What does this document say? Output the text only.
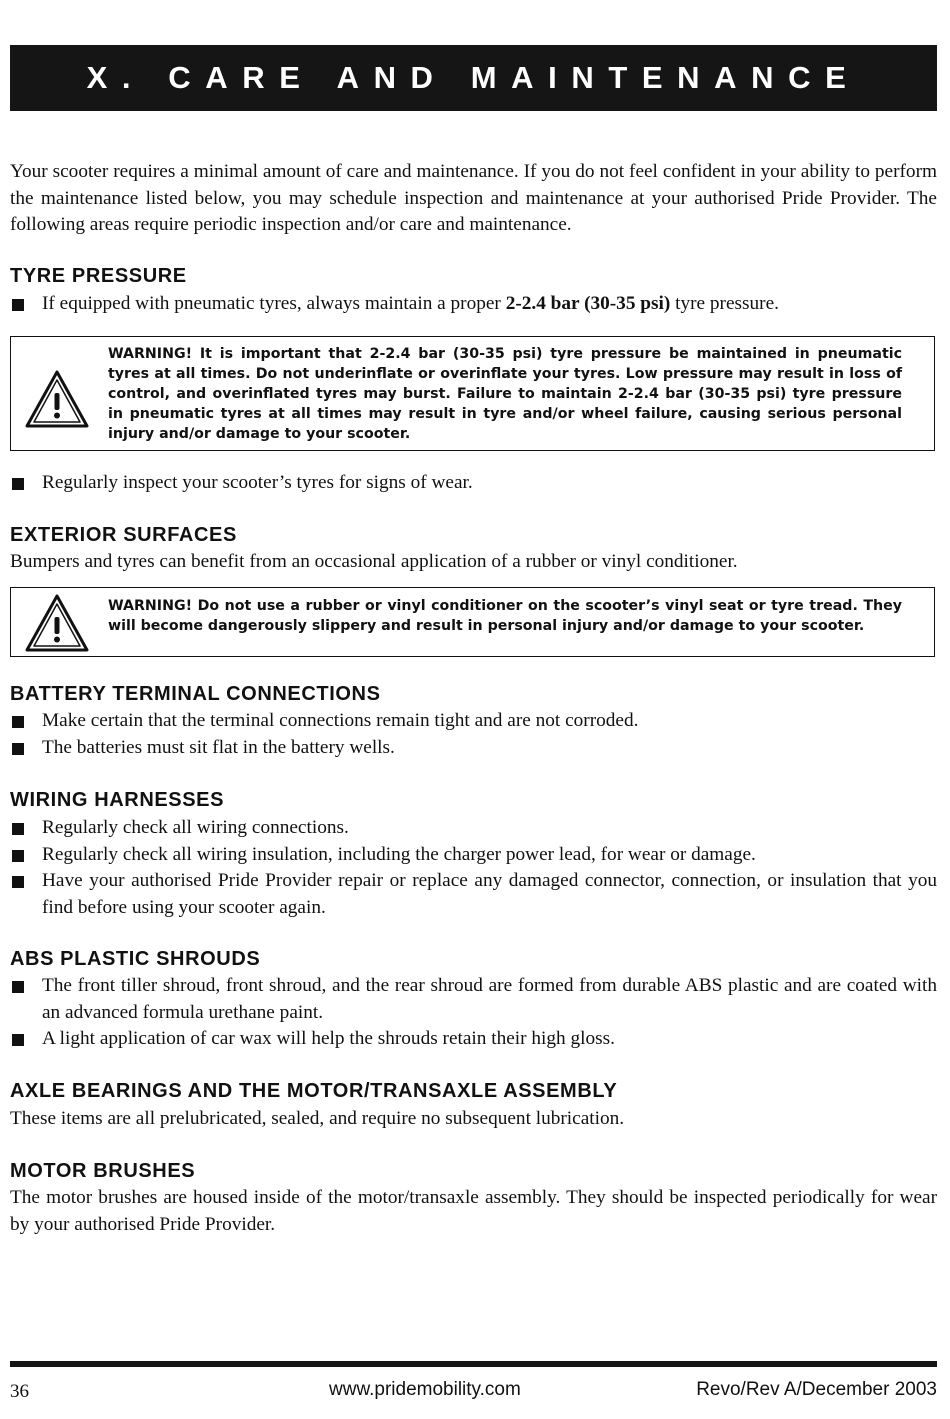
X. CARE AND MAINTENANCE

Your scooter requires a minimal amount of care and maintenance. If you do not feel confident in your ability to perform the maintenance listed below, you may schedule inspection and maintenance at your authorised Pride Provider. The following areas require periodic inspection and/or care and maintenance.

TYRE PRESSURE
If equipped with pneumatic tyres, always maintain a proper 2-2.4 bar (30-35 psi) tyre pressure.
WARNING! It is important that 2-2.4 bar (30-35 psi) tyre pressure be maintained in pneumatic tyres at all times. Do not underinflate or overinflate your tyres. Low pressure may result in loss of control, and overinflated tyres may burst. Failure to maintain 2-2.4 bar (30-35 psi) tyre pressure in pneumatic tyres at all times may result in tyre and/or wheel failure, causing serious personal injury and/or damage to your scooter.
Regularly inspect your scooter’s tyres for signs of wear.
EXTERIOR SURFACES

Bumpers and tyres can benefit from an occasional application of a rubber or vinyl conditioner.

WARNING! Do not use a rubber or vinyl conditioner on the scooter’s vinyl seat or tyre tread. They will become dangerously slippery and result in personal injury and/or damage to your scooter.
BATTERY TERMINAL CONNECTIONS
Make certain that the terminal connections remain tight and are not corroded.
The batteries must sit flat in the battery wells.
WIRING HARNESSES
Regularly check all wiring connections.
Regularly check all wiring insulation, including the charger power lead, for wear or damage.
Have your authorised Pride Provider repair or replace any damaged connector, connection, or insulation that you find before using your scooter again.
ABS PLASTIC SHROUDS
The front tiller shroud, front shroud, and the rear shroud are formed from durable ABS plastic and are coated with an advanced formula urethane paint.
A light application of car wax will help the shrouds retain their high gloss.
AXLE BEARINGS AND THE MOTOR/TRANSAXLE ASSEMBLY

These items are all prelubricated, sealed, and require no subsequent lubrication.

MOTOR BRUSHES

The motor brushes are housed inside of the motor/transaxle assembly. They should be inspected periodically for wear by your authorised Pride Provider.

36	www.pridemobility.com	Revo/Rev A/December 2003
